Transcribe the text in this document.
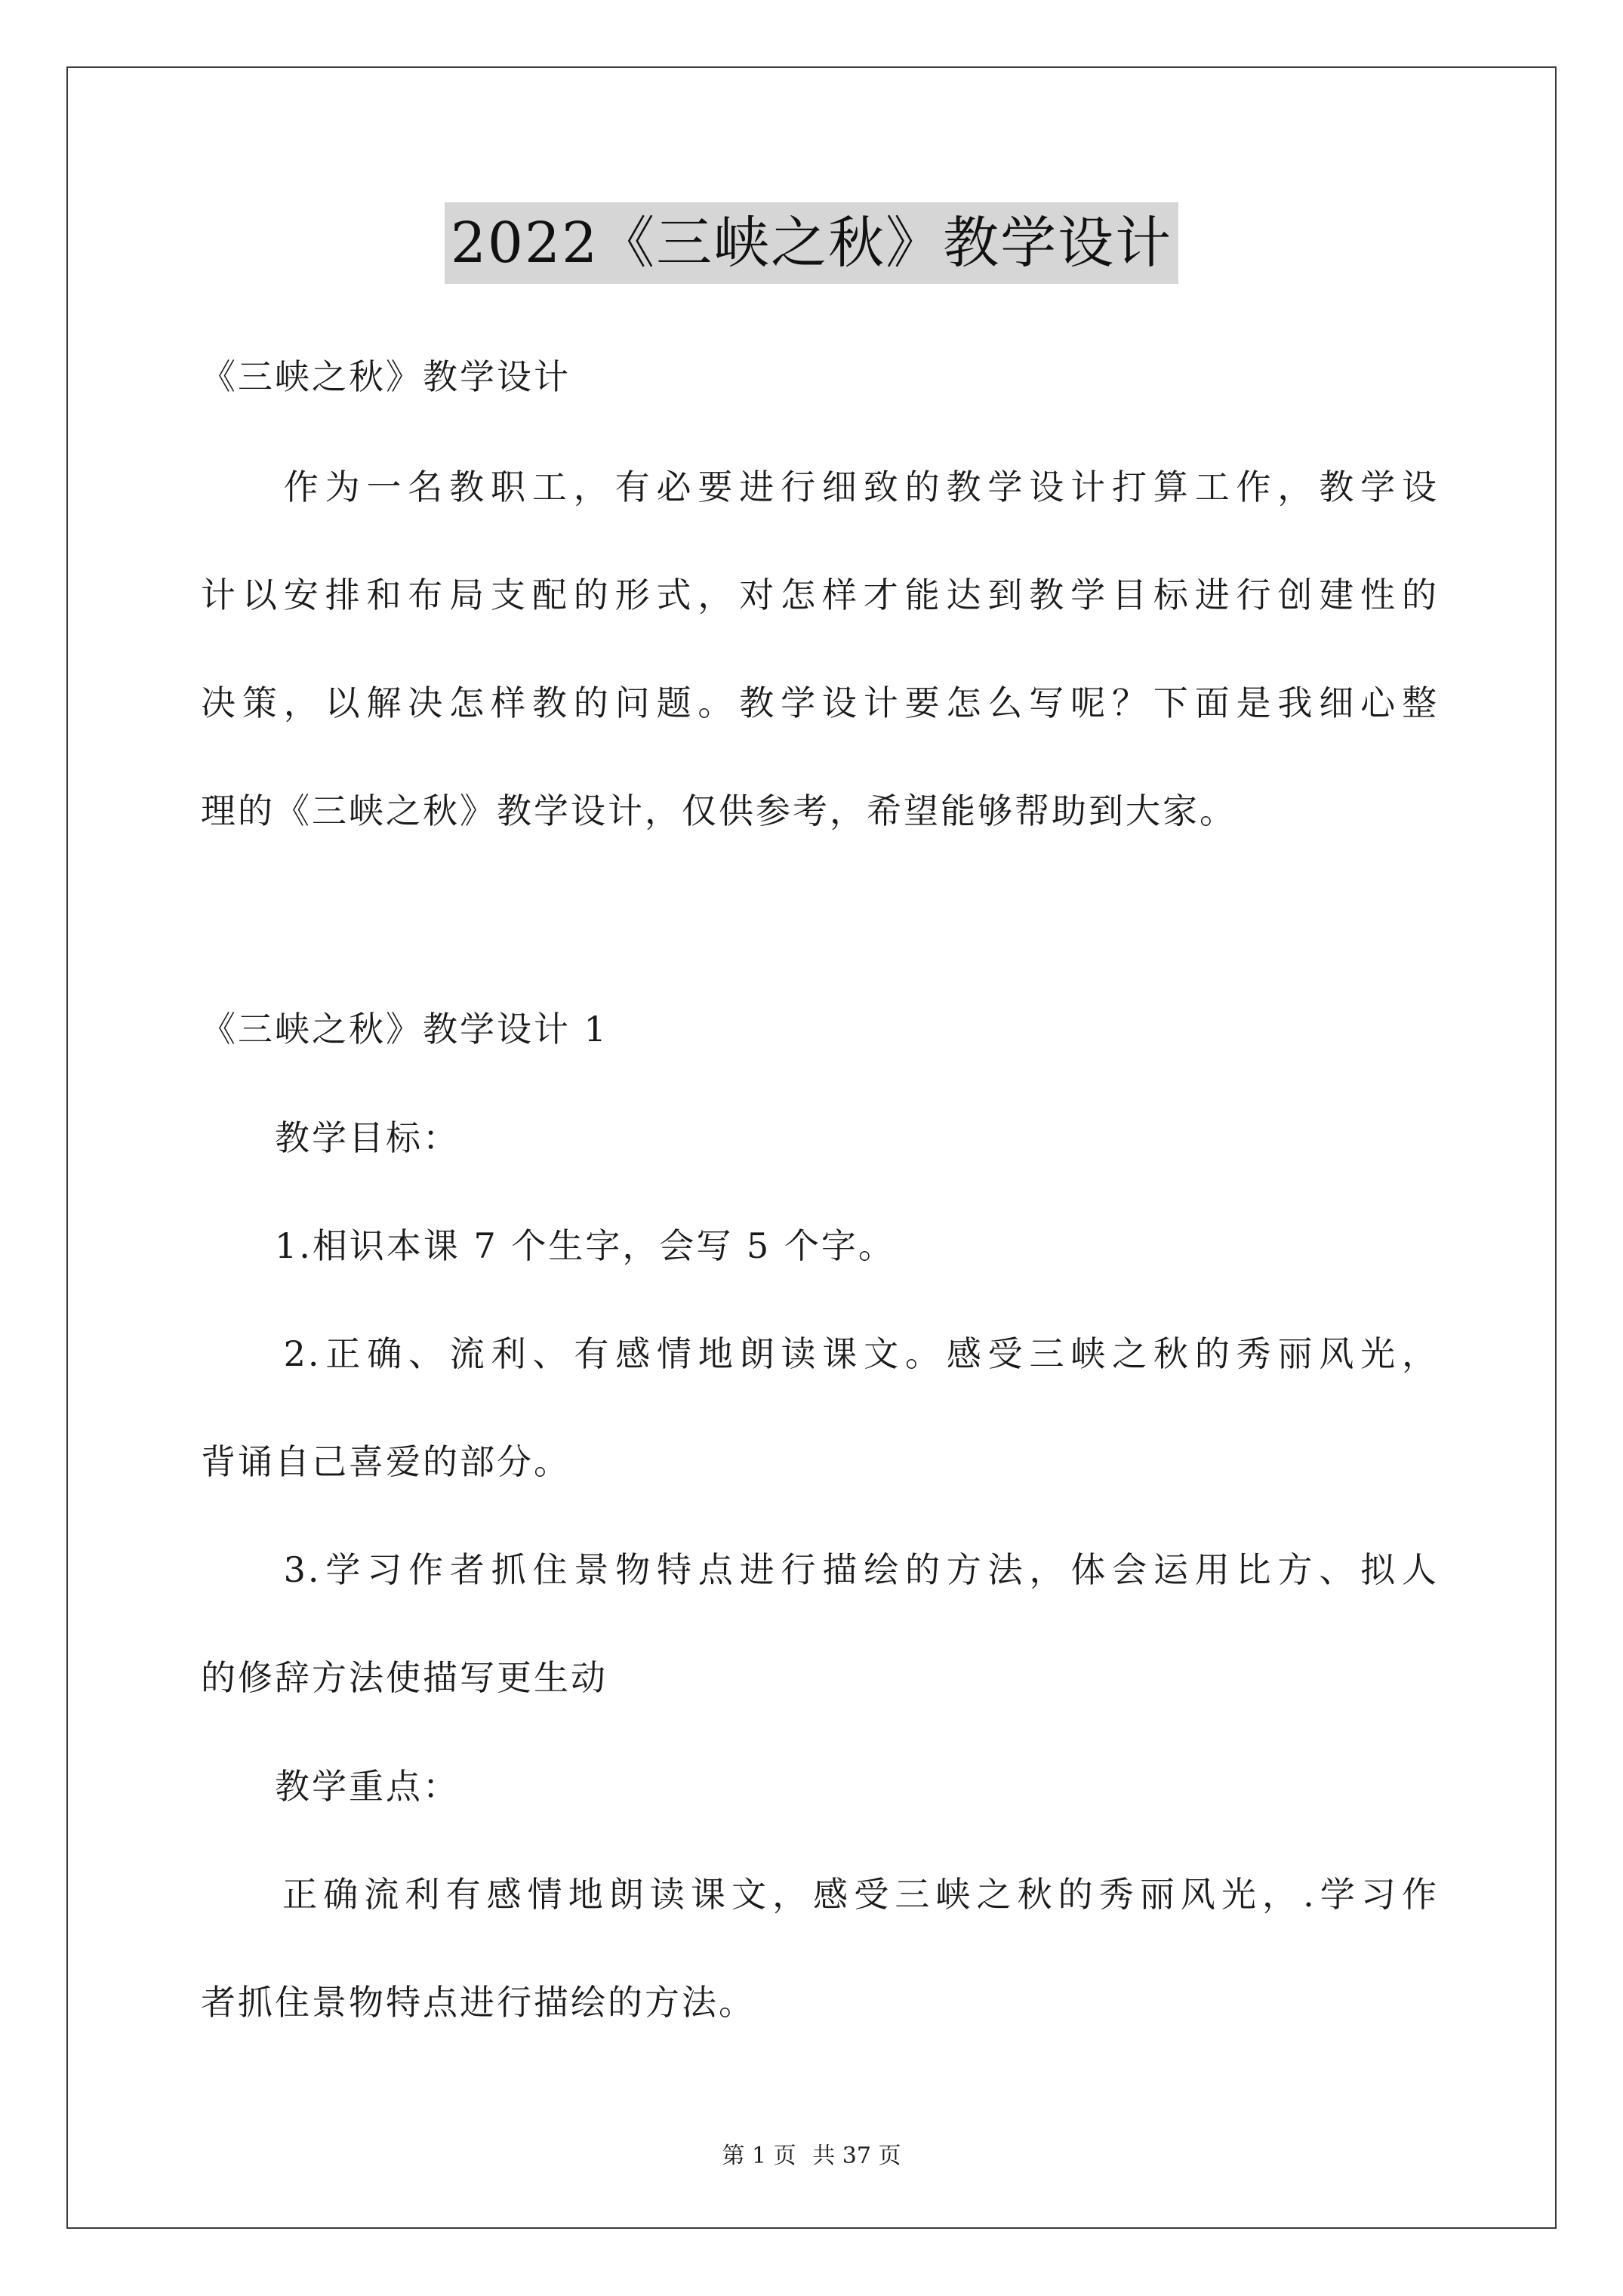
2022《三峡之秋》教学设计
《三峡之秋》教学设计
　　作为一名教职工，有必要进行细致的教学设计打算工作，教学设
计以安排和布局支配的形式，对怎样才能达到教学目标进行创建性的
决策，以解决怎样教的问题。教学设计要怎么写呢？下面是我细心整
理的《三峡之秋》教学设计，仅供参考，希望能够帮助到大家。
《三峡之秋》教学设计 1
　　教学目标：
　　1.相识本课 7 个生字，会写 5 个字。
　　2.正确、流利、有感情地朗读课文。感受三峡之秋的秀丽风光，
背诵自己喜爱的部分。
　　3.学习作者抓住景物特点进行描绘的方法，体会运用比方、拟人
的修辞方法使描写更生动
　　教学重点：
　　正确流利有感情地朗读课文，感受三峡之秋的秀丽风光，.学习作
者抓住景物特点进行描绘的方法。
第 1 页 共 37 页
